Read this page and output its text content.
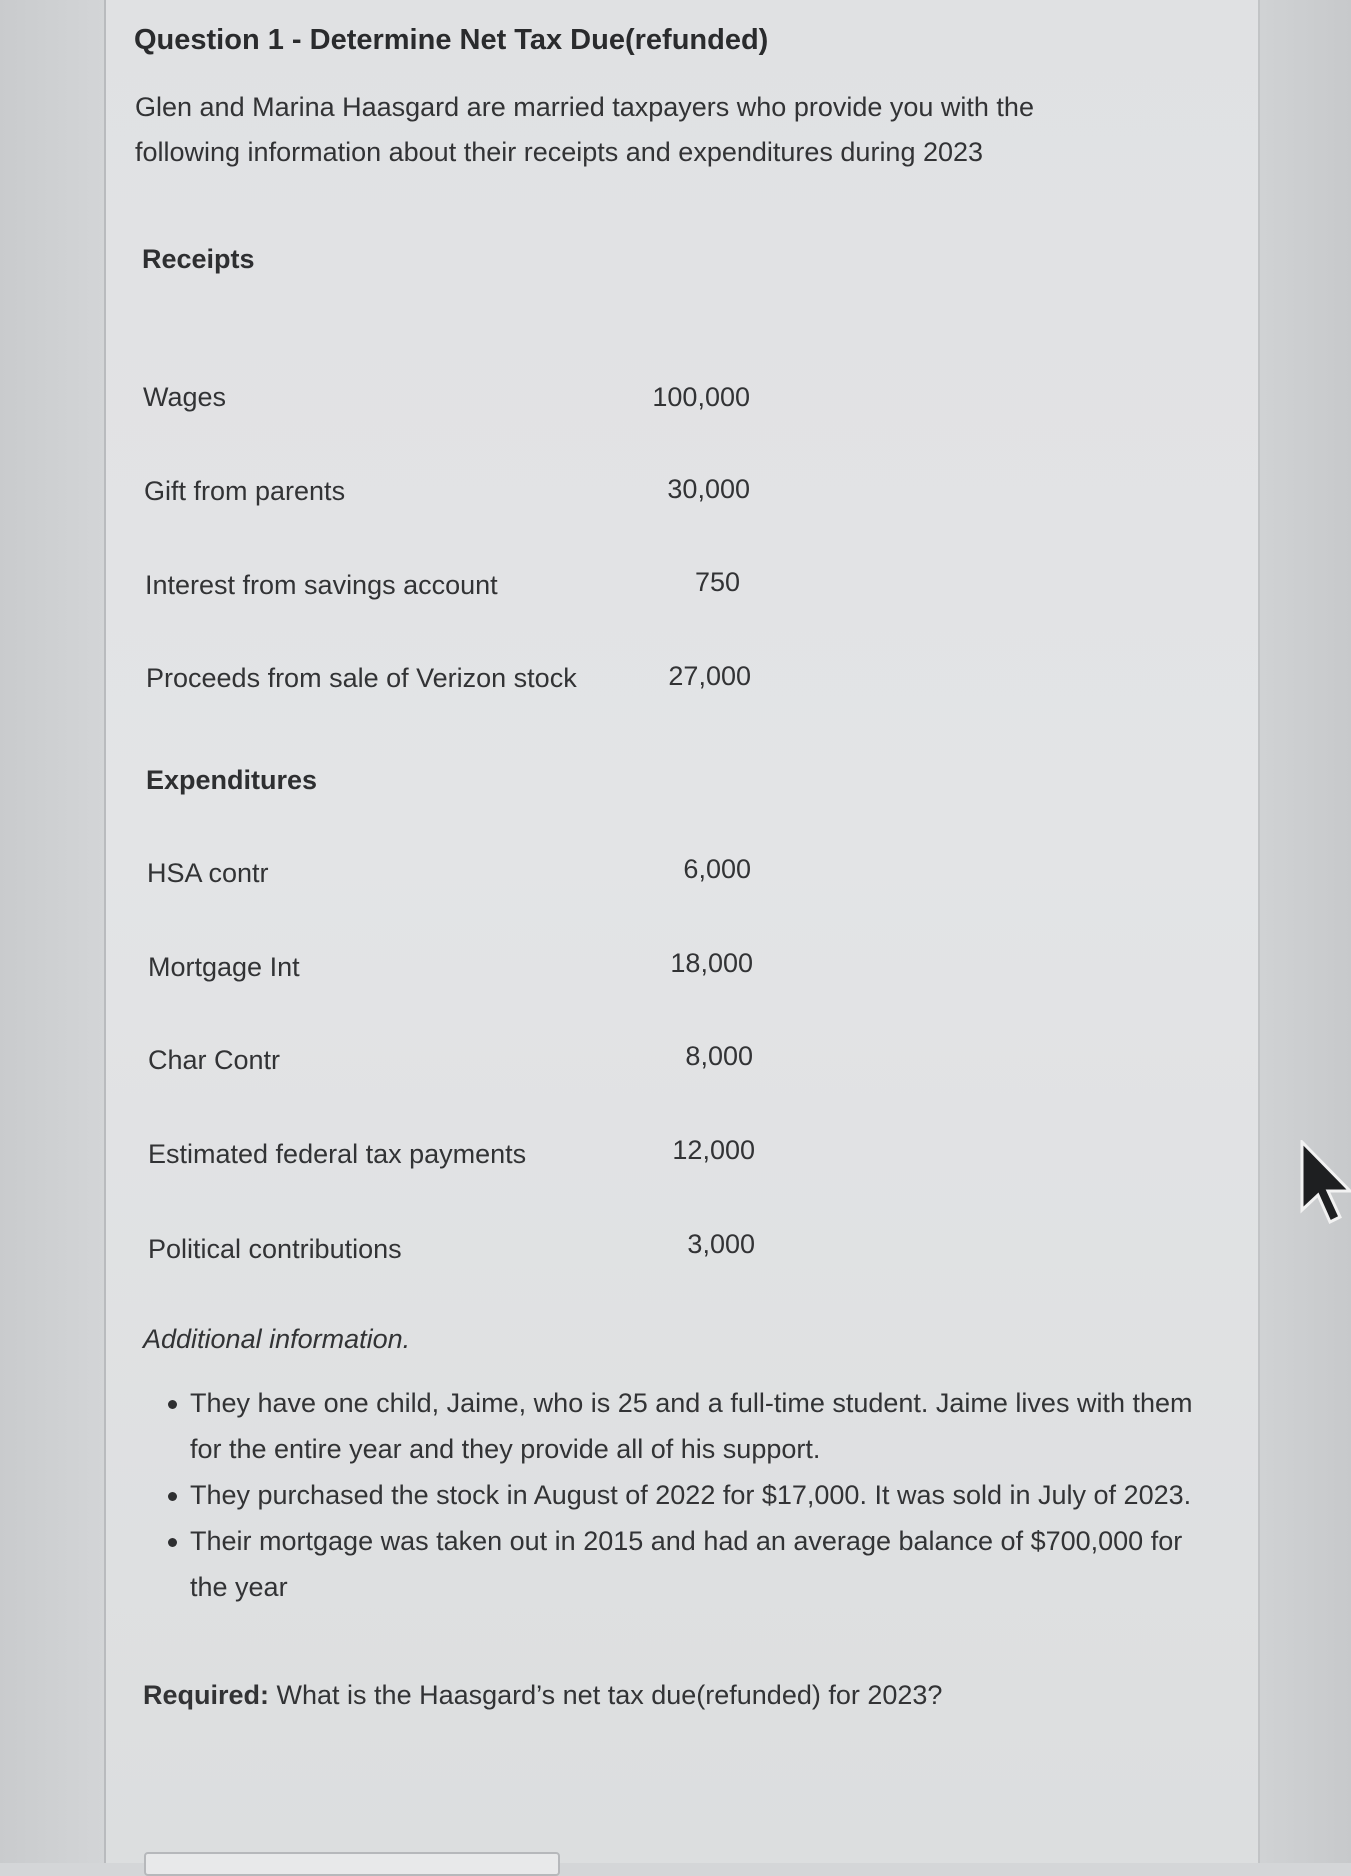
Question 1 - Determine Net Tax Due(refunded)
Glen and Marina Haasgard are married taxpayers who provide you with the following information about their receipts and expenditures during 2023
Receipts
Wages	100,000
Gift from parents	30,000
Interest from savings account	750
Proceeds from sale of Verizon stock	27,000
Expenditures
HSA contr	6,000
Mortgage Int	18,000
Char Contr	8,000
Estimated federal tax payments	12,000
Political contributions	3,000
Additional information.
They have one child, Jaime, who is 25 and a full-time student. Jaime lives with them for the entire year and they provide all of his support.
They purchased the stock in August of 2022 for $17,000. It was sold in July of 2023.
Their mortgage was taken out in 2015 and had an average balance of $700,000 for the year
Required: What is the Haasgard’s net tax due(refunded) for 2023?
